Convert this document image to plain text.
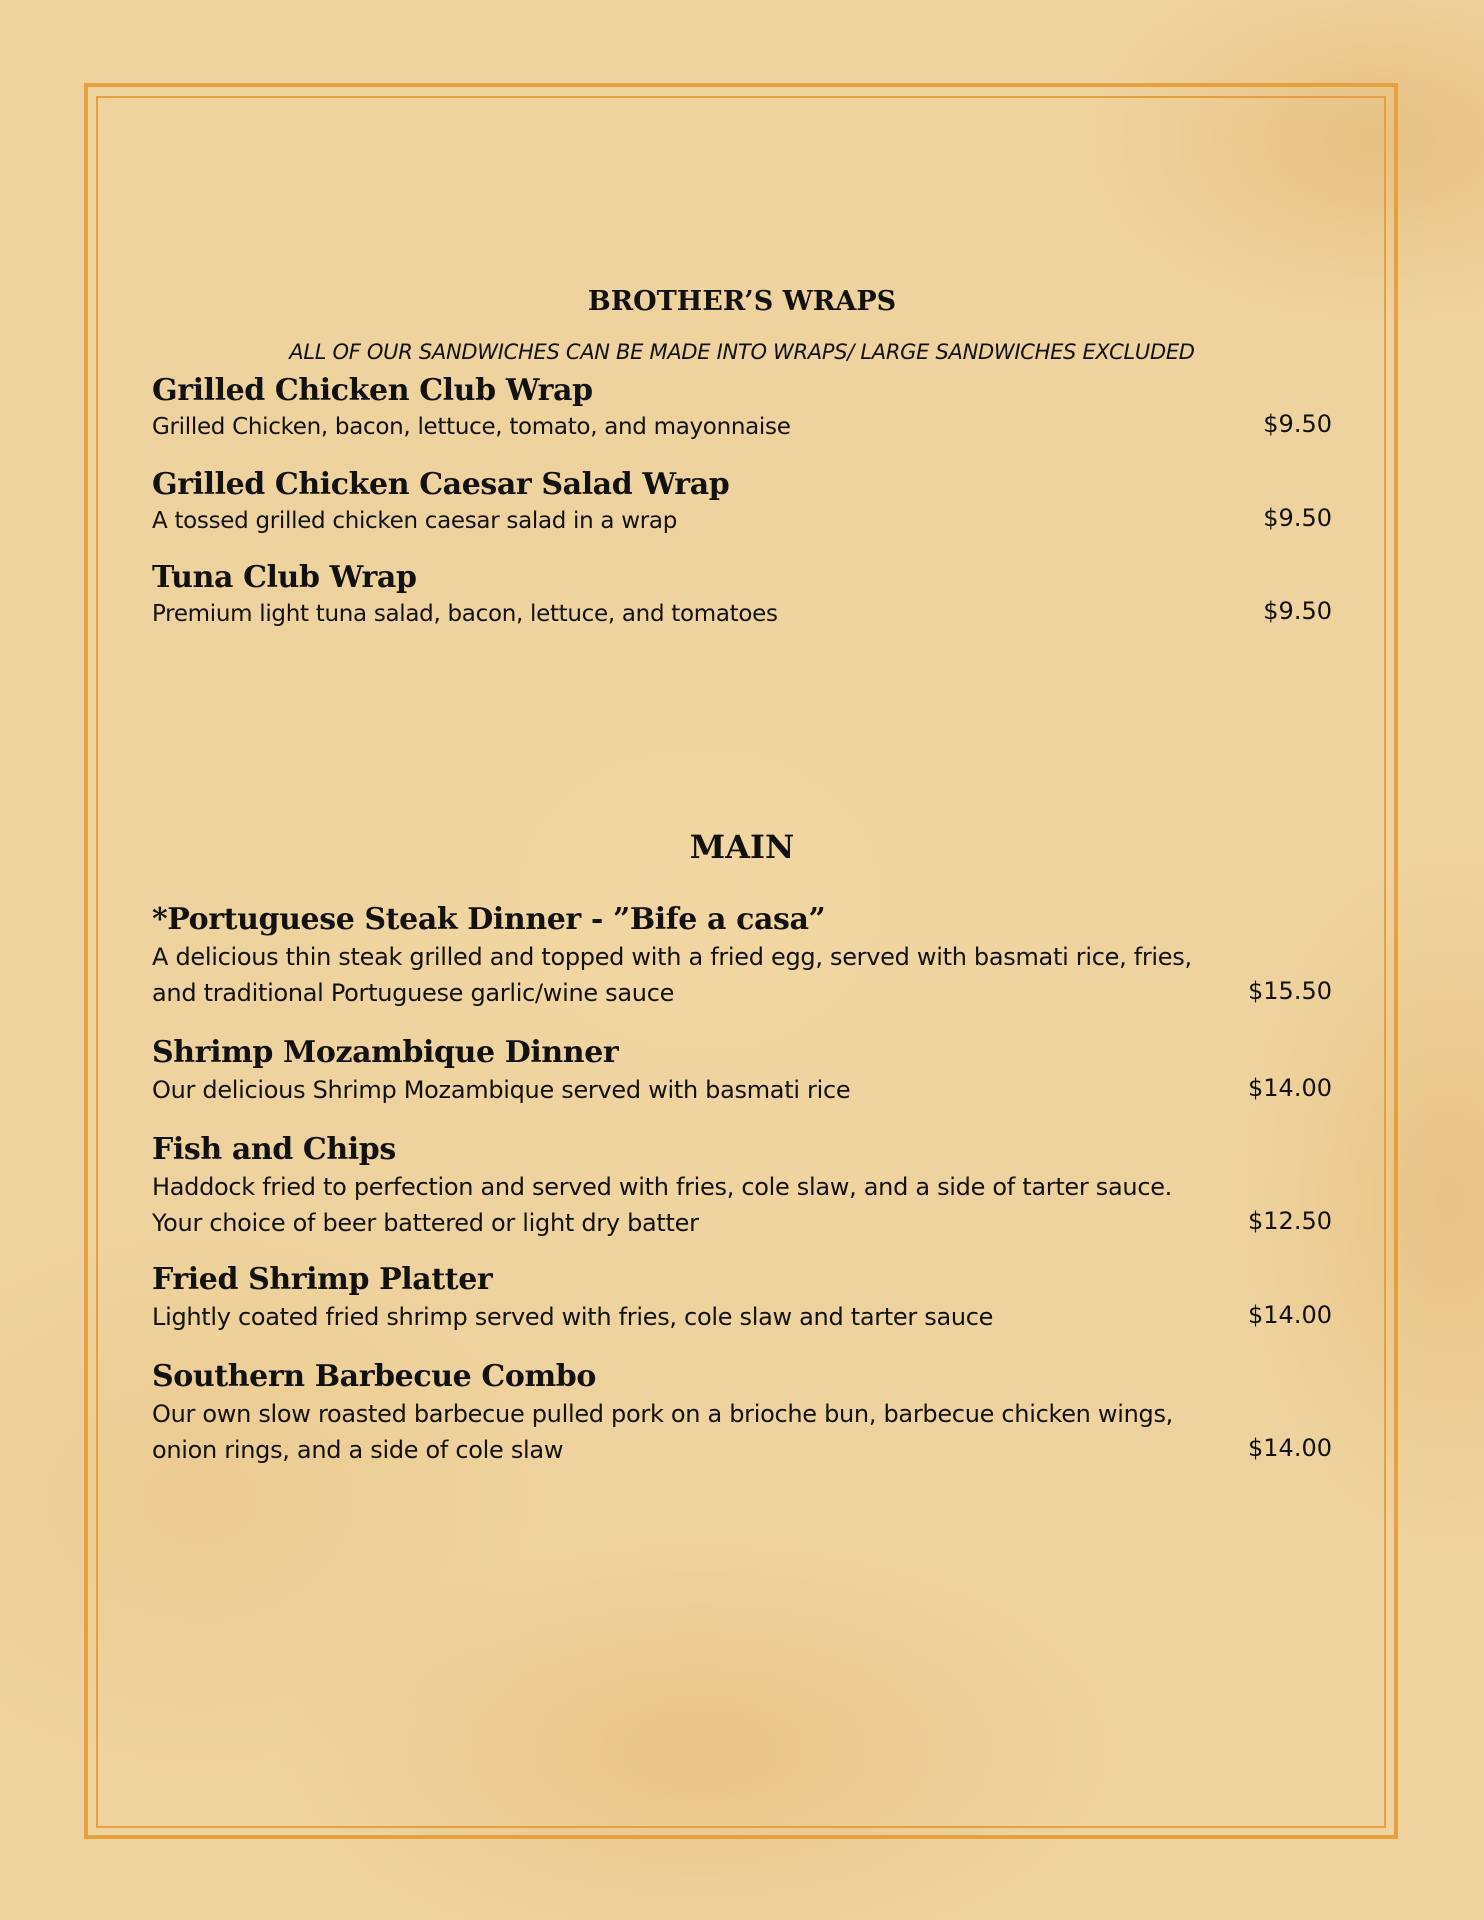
BROTHER’S WRAPS
ALL OF OUR SANDWICHES CAN BE MADE INTO WRAPS/ LARGE SANDWICHES EXCLUDED
Grilled Chicken Club Wrap
Grilled Chicken, bacon, lettuce, tomato, and mayonnaise	$9.50
Grilled Chicken Caesar Salad Wrap
A tossed grilled chicken caesar salad in a wrap	$9.50
Tuna Club Wrap
Premium light tuna salad, bacon, lettuce, and tomatoes	$9.50
MAIN
*Portuguese Steak Dinner - ”Bife a casa”
A delicious thin steak grilled and topped with a fried egg, served with basmati rice, fries, and traditional Portuguese garlic/wine sauce	$15.50
Shrimp Mozambique Dinner
Our delicious Shrimp Mozambique served with basmati rice	$14.00
Fish and Chips
Haddock fried to perfection and served with fries, cole slaw, and a side of tarter sauce. Your choice of beer battered or light dry batter	$12.50
Fried Shrimp Platter
Lightly coated fried shrimp served with fries, cole slaw and tarter sauce	$14.00
Southern Barbecue Combo
Our own slow roasted barbecue pulled pork on a brioche bun, barbecue chicken wings, onion rings, and a side of cole slaw	$14.00
